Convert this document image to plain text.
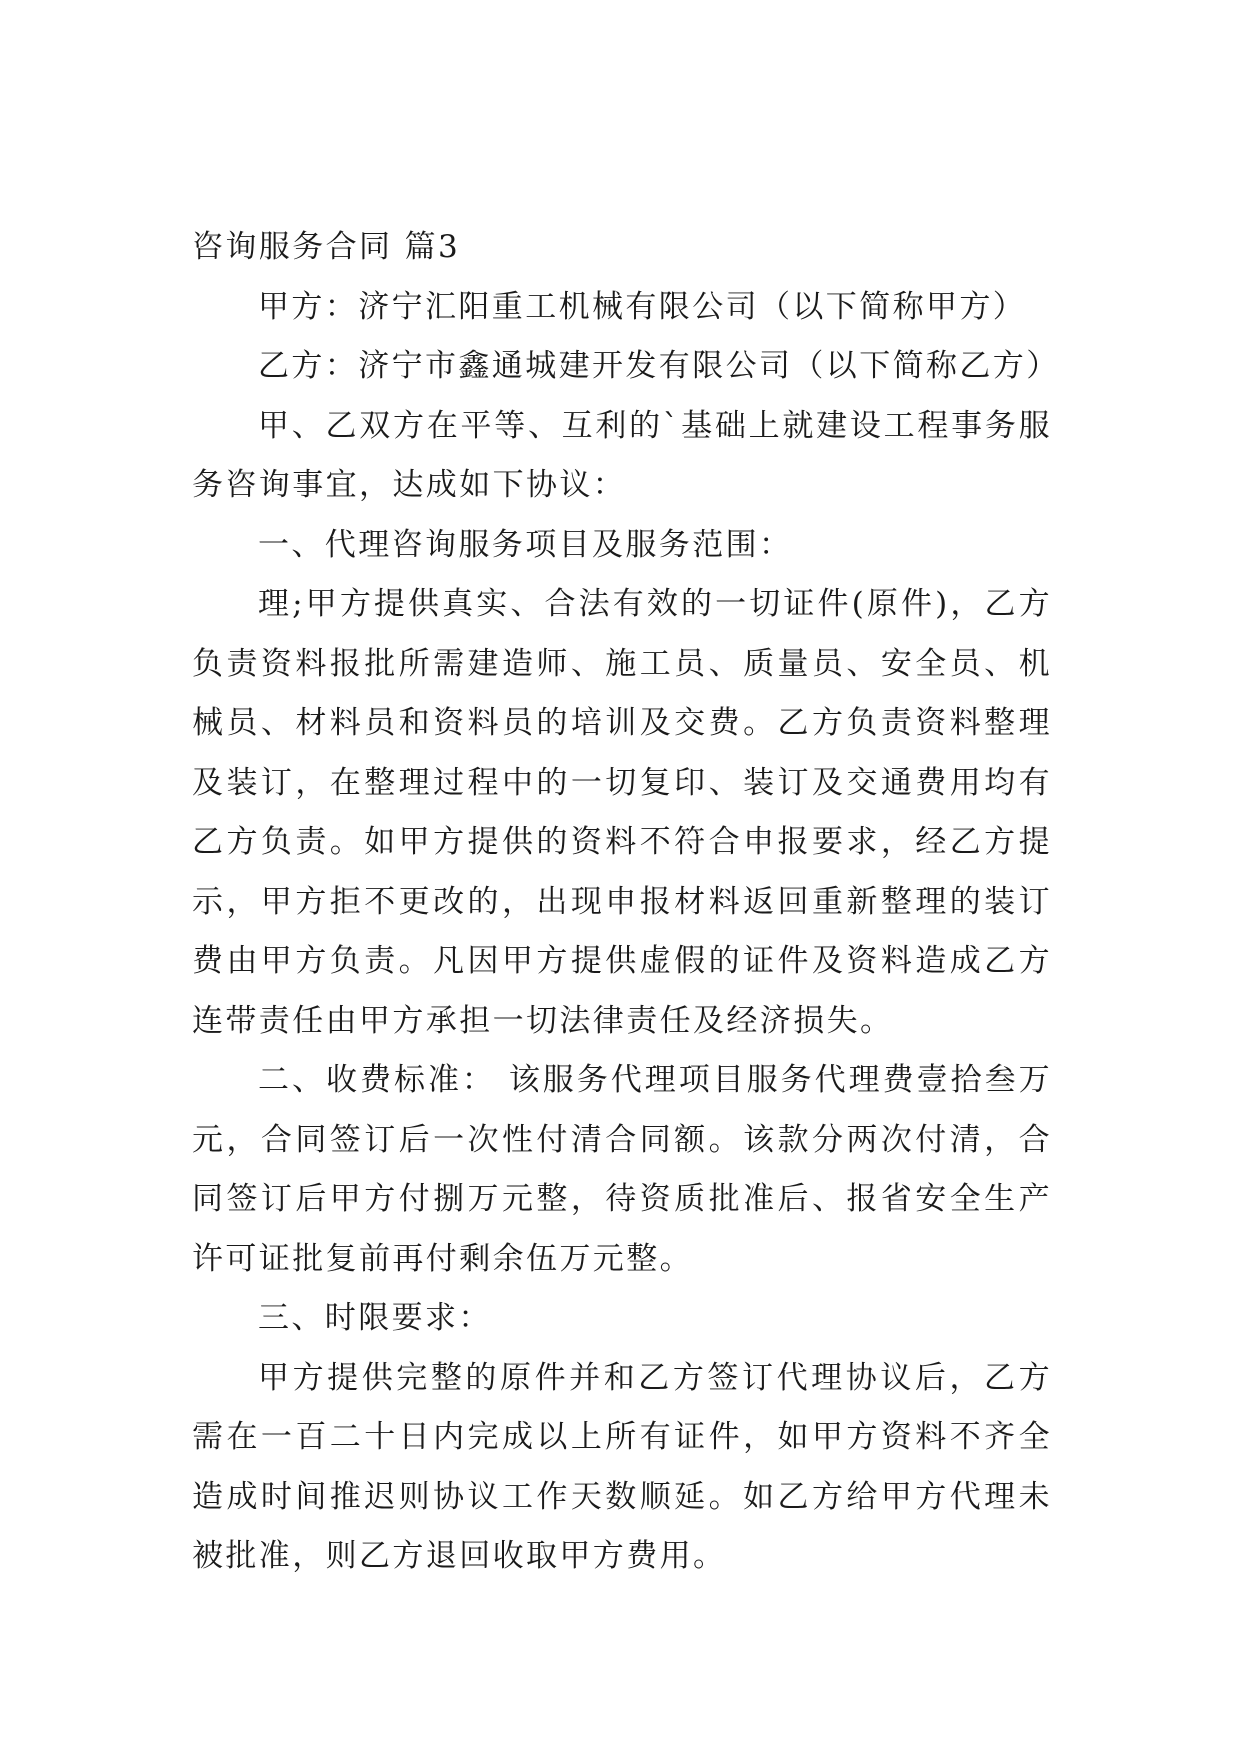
咨询服务合同 篇3

甲方：济宁汇阳重工机械有限公司（以下简称甲方）

乙方：济宁市鑫通城建开发有限公司（以下简称乙方）

甲、乙双方在平等、互利的`基础上就建设工程事务服务咨询事宜，达成如下协议：

一、代理咨询服务项目及服务范围：

理;甲方提供真实、合法有效的一切证件(原件)，乙方负责资料报批所需建造师、施工员、质量员、安全员、机械员、材料员和资料员的培训及交费。乙方负责资料整理及装订，在整理过程中的一切复印、装订及交通费用均有乙方负责。如甲方提供的资料不符合申报要求，经乙方提示，甲方拒不更改的，出现申报材料返回重新整理的装订费由甲方负责。凡因甲方提供虚假的证件及资料造成乙方连带责任由甲方承担一切法律责任及经济损失。

二、收费标准： 该服务代理项目服务代理费壹拾叁万元，合同签订后一次性付清合同额。该款分两次付清，合同签订后甲方付捌万元整，待资质批准后、报省安全生产许可证批复前再付剩余伍万元整。

三、时限要求：

甲方提供完整的原件并和乙方签订代理协议后，乙方需在一百二十日内完成以上所有证件，如甲方资料不齐全造成时间推迟则协议工作天数顺延。如乙方给甲方代理未被批准，则乙方退回收取甲方费用。
